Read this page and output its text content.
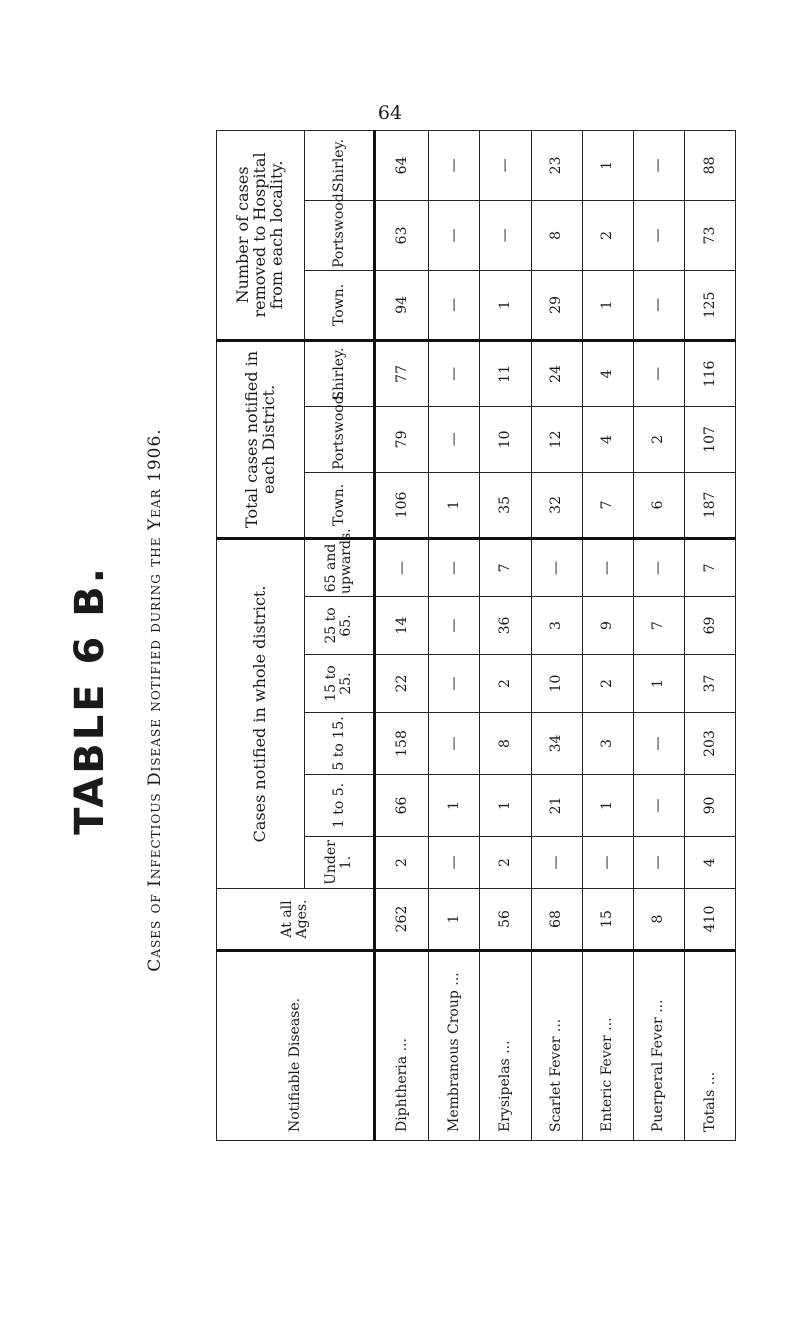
64
TABLE 6 B. Cases of Infectious Disease notified during the Year 1906.
Notifiable Disease.	At all Ages.	Cases notified in whole district.						Total cases notified in each District.			Number of cases removed to Hospital from each locality.		
		Under 1.	1 to 5.	5 to 15.	15 to 25.	25 to 65.	65 and upwards.	Town.	Portswood.	Shirley.	Town.	Portswood.	Shirley.
Diphtheria ...	262	2	66	158	22	14	—	106	79	77	94	63	64
Membranous Croup ...	1	—	1	—	—	—	—	1	—	—	—	—	—
Erysipelas ...	56	2	1	8	2	36	7	35	10	11	1	—	—
Scarlet Fever ...	68	—	21	34	10	3	—	32	12	24	29	8	23
Enteric Fever ...	15	—	1	3	2	9	—	7	4	4	1	2	1
Puerperal Fever ...	8	—	—	—	1	7	—	6	2	—	—	—	—
Totals ...	410	4	90	203	37	69	7	187	107	116	125	73	88
